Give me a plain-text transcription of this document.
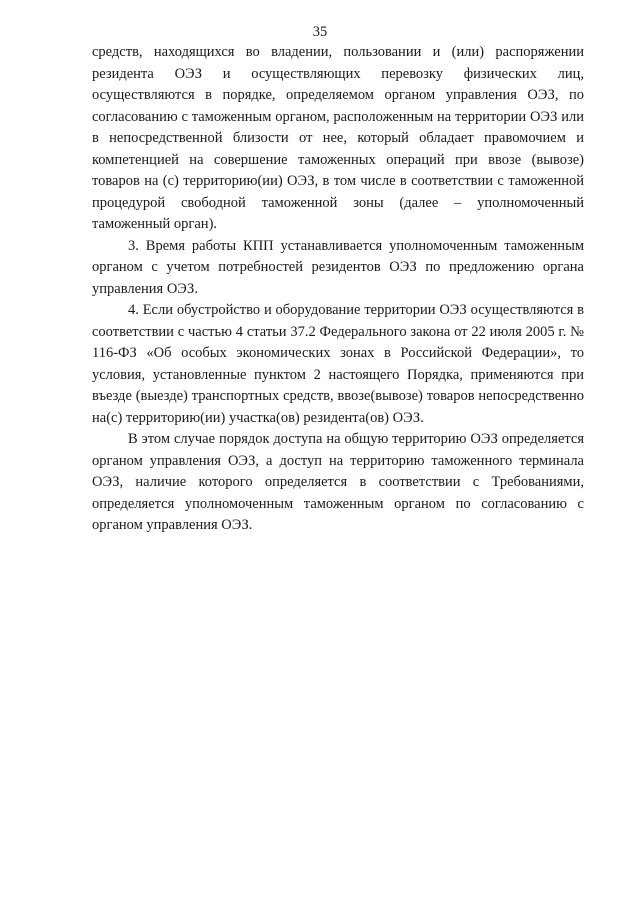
35

средств, находящихся во владении, пользовании и (или) распоряжении резидента ОЭЗ и осуществляющих перевозку физических лиц, осуществляются в порядке, определяемом органом управления ОЭЗ, по согласованию с таможенным органом, расположенным на территории ОЭЗ или в непосредственной близости от нее, который обладает правомочием и компетенцией на совершение таможенных операций при ввозе (вывозе) товаров на (с) территорию(ии) ОЭЗ, в том числе в соответствии с таможенной процедурой свободной таможенной зоны (далее – уполномоченный таможенный орган).

3. Время работы КПП устанавливается уполномоченным таможенным органом с учетом потребностей резидентов ОЭЗ по предложению органа управления ОЭЗ.

4. Если обустройство и оборудование территории ОЭЗ осуществляются в соответствии с частью 4 статьи 37.2 Федерального закона от 22 июля 2005 г. № 116-ФЗ «Об особых экономических зонах в Российской Федерации», то условия, установленные пунктом 2 настоящего Порядка, применяются при въезде (выезде) транспортных средств, ввозе(вывозе) товаров непосредственно на(с) территорию(ии) участка(ов) резидента(ов) ОЭЗ.

В этом случае порядок доступа на общую территорию ОЭЗ определяется органом управления ОЭЗ, а доступ на территорию таможенного терминала ОЭЗ, наличие которого определяется в соответствии с Требованиями, определяется уполномоченным таможенным органом по согласованию с органом управления ОЭЗ.
